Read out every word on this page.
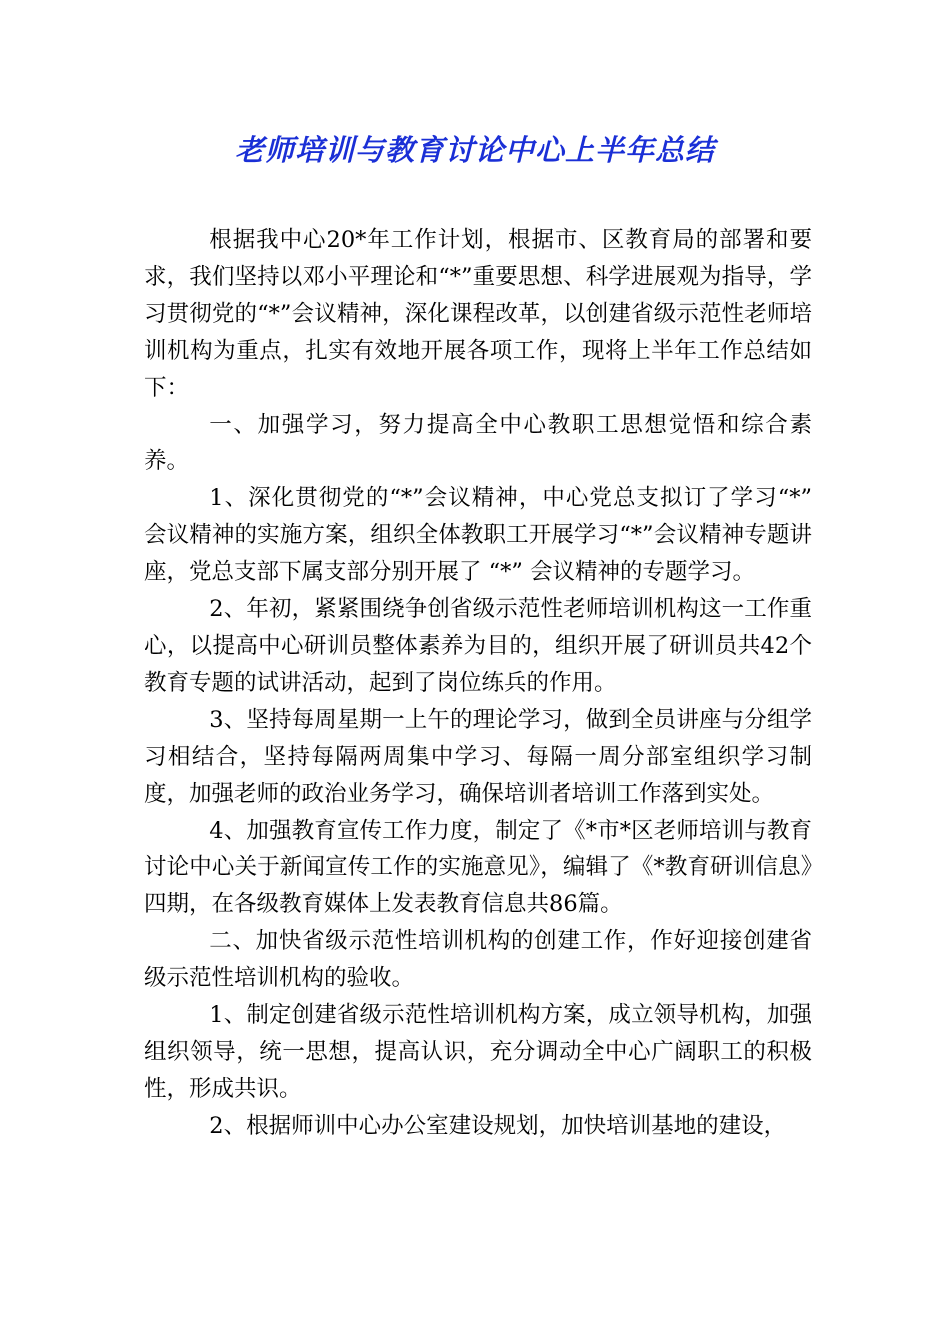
老师培训与教育讨论中心上半年总结

根据我中心20*年工作计划，根据市、区教育局的部署和要求，我们坚持以邓小平理论和“*”重要思想、科学进展观为指导，学习贯彻党的“*”会议精神，深化课程改革，以创建省级示范性老师培训机构为重点，扎实有效地开展各项工作，现将上半年工作总结如下：

一、加强学习，努力提高全中心教职工思想觉悟和综合素养。

1、深化贯彻党的“*”会议精神，中心党总支拟订了学习“*” 会议精神的实施方案，组织全体教职工开展学习“*”会议精神专题讲座，党总支部下属支部分别开展了 “*” 会议精神的专题学习。

2、年初，紧紧围绕争创省级示范性老师培训机构这一工作重心，以提高中心研训员整体素养为目的，组织开展了研训员共42个教育专题的试讲活动，起到了岗位练兵的作用。

3、坚持每周星期一上午的理论学习，做到全员讲座与分组学习相结合，坚持每隔两周集中学习、每隔一周分部室组织学习制度，加强老师的政治业务学习，确保培训者培训工作落到实处。

4、加强教育宣传工作力度，制定了《*市*区老师培训与教育讨论中心关于新闻宣传工作的实施意见》，编辑了《*教育研训信息》四期，在各级教育媒体上发表教育信息共86篇。

二、加快省级示范性培训机构的创建工作，作好迎接创建省级示范性培训机构的验收。

1、制定创建省级示范性培训机构方案，成立领导机构，加强组织领导，统一思想，提高认识，充分调动全中心广阔职工的积极性，形成共识。

2、根据师训中心办公室建设规划，加快培训基地的建设，
